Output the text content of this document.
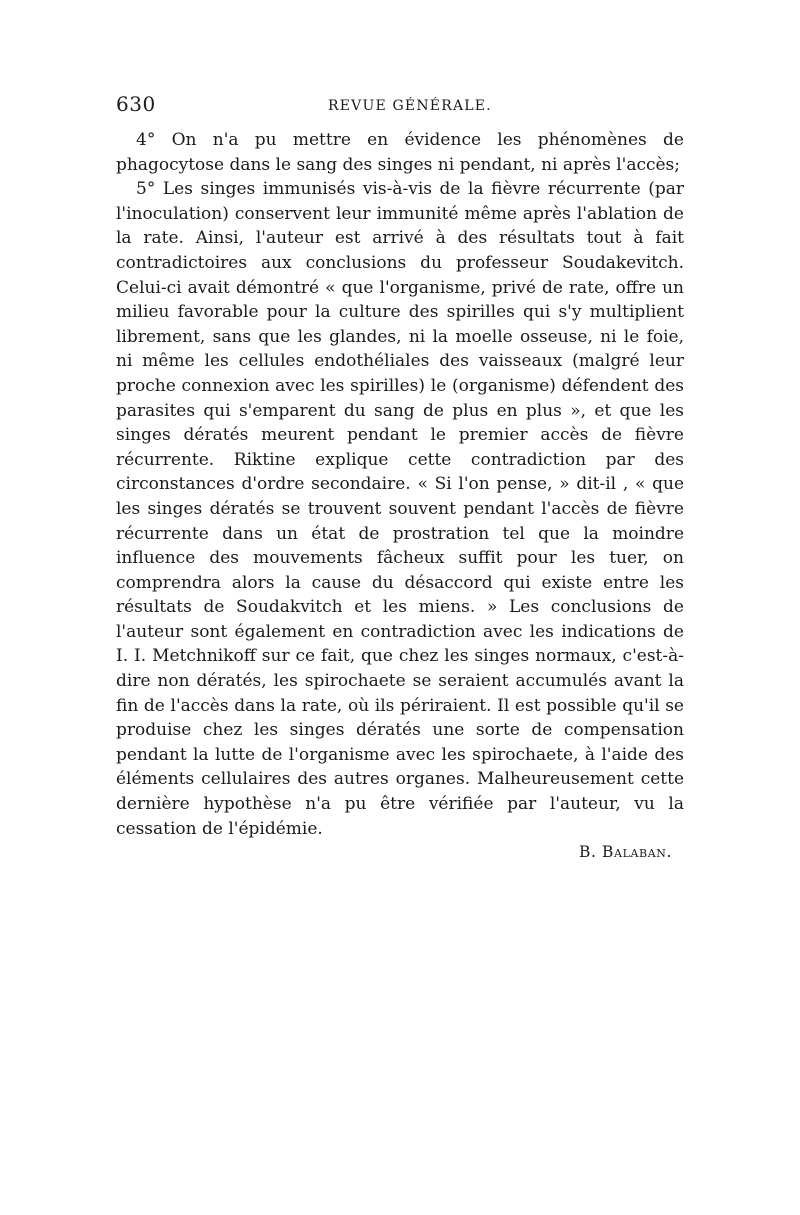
630	REVUE GÉNÉRALE.

4° On n'a pu mettre en évidence les phénomènes de phagocytose dans le sang des singes ni pendant, ni après l'accès;

5° Les singes immunisés vis-à-vis de la fièvre récurrente (par l'inoculation) conservent leur immunité même après l'ablation de la rate. Ainsi, l'auteur est arrivé à des résultats tout à fait contradictoires aux conclusions du professeur Soudakevitch. Celui-ci avait démontré « que l'organisme, privé de rate, offre un milieu favorable pour la culture des spirilles qui s'y multiplient librement, sans que les glandes, ni la moelle osseuse, ni le foie, ni même les cellules endothéliales des vaisseaux (malgré leur proche connexion avec les spirilles) le (organisme) défendent des parasites qui s'emparent du sang de plus en plus », et que les singes dératés meurent pendant le premier accès de fièvre récurrente. Riktine explique cette contradiction par des circonstances d'ordre secondaire. « Si l'on pense, » dit-il , « que les singes dératés se trouvent souvent pendant l'accès de fièvre récurrente dans un état de prostration tel que la moindre influence des mouvements fâcheux suffit pour les tuer, on comprendra alors la cause du désaccord qui existe entre les résultats de Soudakvitch et les miens. » Les conclusions de l'auteur sont également en contradiction avec les indications de I. I. Metchnikoff sur ce fait, que chez les singes normaux, c'est-à-dire non dératés, les spirochaete se seraient accumulés avant la fin de l'accès dans la rate, où ils périraient. Il est possible qu'il se produise chez les singes dératés une sorte de compensation pendant la lutte de l'organisme avec les spirochaete, à l'aide des éléments cellulaires des autres organes. Malheureusement cette dernière hypothèse n'a pu être vérifiée par l'auteur, vu la cessation de l'épidémie.

B. Balaban.
